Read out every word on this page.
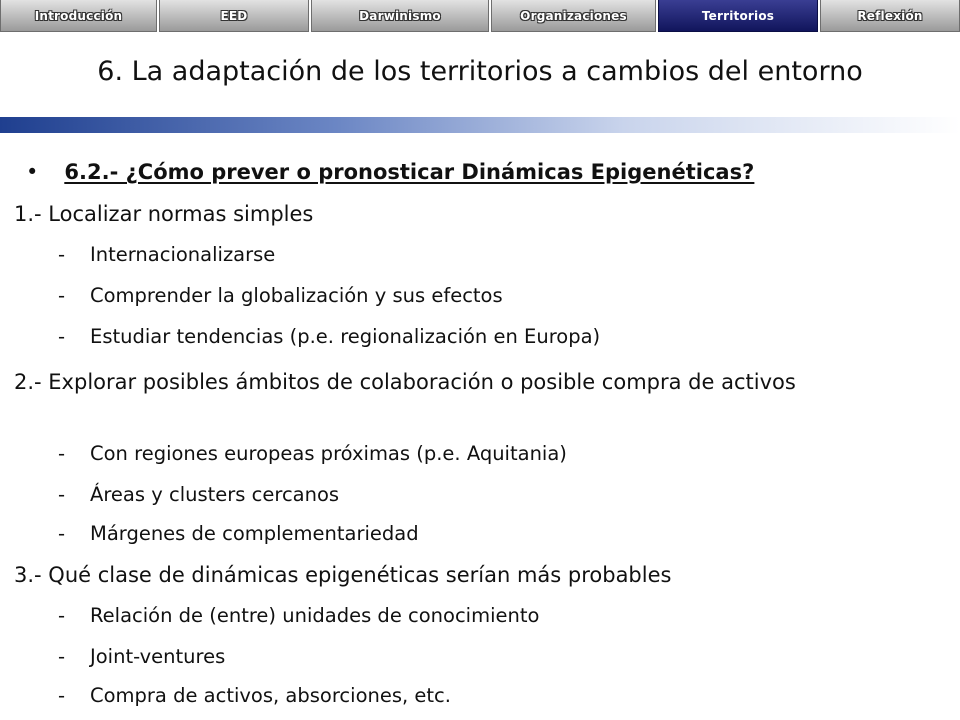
Introducción	EED	Darwinismo	Organizaciones	Territorios	Reflexión
6. La adaptación de los territorios a cambios del entorno
• 6.2.- ¿Cómo prever o pronosticar Dinámicas Epigenéticas?
1.- Localizar normas simples
- Internacionalizarse
- Comprender la globalización y sus efectos
- Estudiar tendencias (p.e. regionalización en Europa)
2.- Explorar posibles ámbitos de colaboración o posible compra de activos
- Con regiones europeas próximas (p.e. Aquitania)
- Áreas y clusters cercanos
- Márgenes de complementariedad
3.- Qué clase de dinámicas epigenéticas serían más probables
- Relación de (entre) unidades de conocimiento
- Joint-ventures
- Compra de activos, absorciones, etc.
